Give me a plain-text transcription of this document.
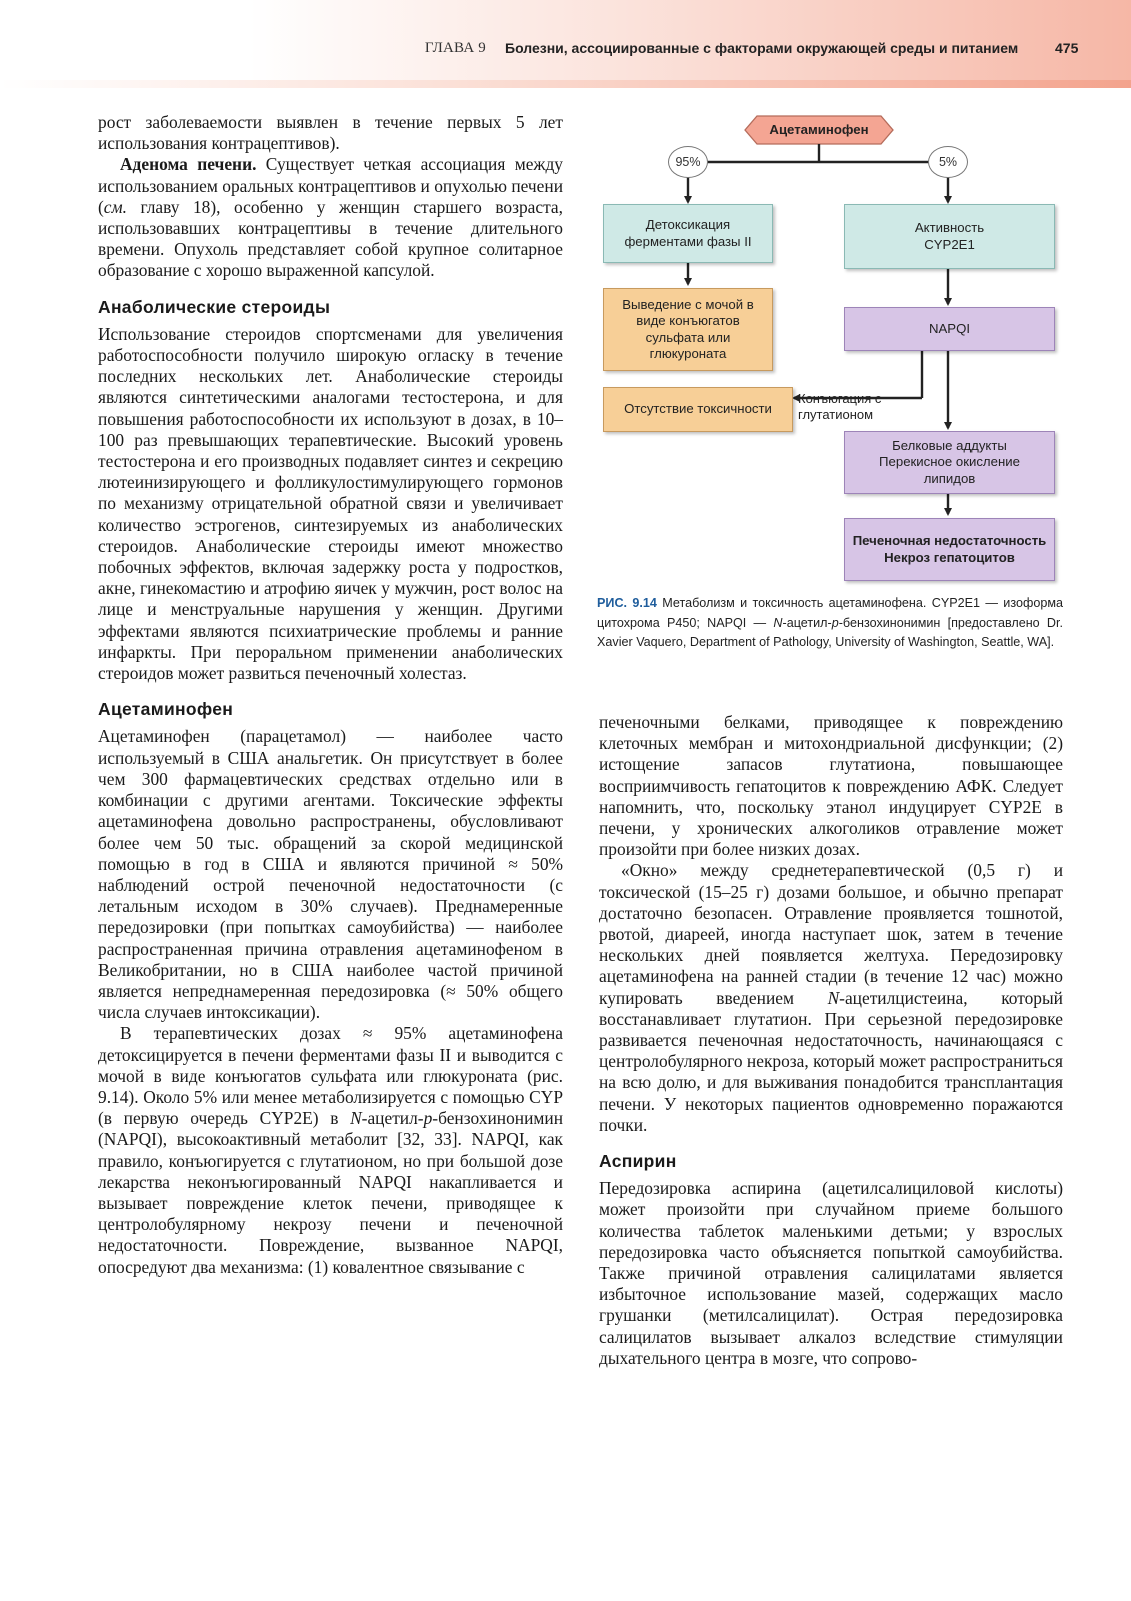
ГЛАВА 9 Болезни, ассоциированные с факторами окружающей среды и питанием	475

рост заболеваемости выявлен в течение первых 5 лет использования контрацептивов).

Аденома печени. Существует четкая ассоциация между использованием оральных контрацептивов и опухолью печени (см. главу 18), особенно у женщин старшего возраста, использовавших контрацептивы в течение длительного времени. Опухоль представляет собой крупное солитарное образование с хорошо выраженной капсулой.

Анаболические стероиды

Использование стероидов спортсменами для увеличения работоспособности получило широкую огласку в течение последних нескольких лет. Анаболические стероиды являются синтетическими аналогами тестостерона, и для повышения работоспособности их используют в дозах, в 10–100 раз превышающих терапевтические. Высокий уровень тестостерона и его производных подавляет синтез и секрецию лютеинизирующего и фолликулостимулирующего гормонов по механизму отрицательной обратной связи и увеличивает количество эстрогенов, синтезируемых из анаболических стероидов. Анаболические стероиды имеют множество побочных эффектов, включая задержку роста у подростков, акне, гинекомастию и атрофию яичек у мужчин, рост волос на лице и менструальные нарушения у женщин. Другими эффектами являются психиатрические проблемы и ранние инфаркты. При пероральном применении анаболических стероидов может развиться печеночный холестаз.

Ацетаминофен

Ацетаминофен (парацетамол) — наиболее часто используемый в США анальгетик. Он присутствует в более чем 300 фармацевтических средствах отдельно или в комбинации с другими агентами. Токсические эффекты ацетаминофена довольно распространены, обусловливают более чем 50 тыс. обращений за скорой медицинской помощью в год в США и являются причиной ≈ 50% наблюдений острой печеночной недостаточности (с летальным исходом в 30% случаев). Преднамеренные передозировки (при попытках самоубийства) — наиболее распространенная причина отравления ацетаминофеном в Великобритании, но в США наиболее частой причиной является непреднамеренная передозировка (≈ 50% общего числа случаев интоксикации).

В терапевтических дозах ≈ 95% ацетаминофена детоксицируется в печени ферментами фазы II и выводится с мочой в виде конъюгатов сульфата или глюкуроната (рис. 9.14). Около 5% или менее метаболизируется с помощью CYP (в первую очередь CYP2E) в N-ацетил-p-бензохинонимин (NAPQI), высокоактивный метаболит [32, 33]. NAPQI, как правило, конъюгируется с глутатионом, но при большой дозе лекарства неконъюгированный NAPQI накапливается и вызывает повреждение клеток печени, приводящее к центролобулярному некрозу печени и печеночной недостаточности. Повреждение, вызванное NAPQI, опосредуют два механизма: (1) ковалентное связывание с

Ацетаминофен
95%	5%
Детоксикация ферментами фазы II
Выведение с мочой в виде конъюгатов сульфата или глюкуроната
Отсутствие токсичности
Активность CYP2E1
NAPQI
Конъюгация с глутатионом
Белковые аддукты Перекисное окисление липидов
Печеночная недостаточность
Некроз гепатоцитов
РИС. 9.14 Метаболизм и токсичность ацетаминофена. CYP2E1 — изоформа цитохрома P450; NAPQI — N-ацетил-p-бензохинонимин [предоставлено Dr. Xavier Vaquero, Department of Pathology, University of Washington, Seattle, WA].

печеночными белками, приводящее к повреждению клеточных мембран и митохондриальной дисфункции; (2) истощение запасов глутатиона, повышающее восприимчивость гепатоцитов к повреждению АФК. Следует напомнить, что, поскольку этанол индуцирует CYP2E в печени, у хронических алкоголиков отравление может произойти при более низких дозах.

«Окно» между среднетерапевтической (0,5 г) и токсической (15–25 г) дозами большое, и обычно препарат достаточно безопасен. Отравление проявляется тошнотой, рвотой, диареей, иногда наступает шок, затем в течение нескольких дней появляется желтуха. Передозировку ацетаминофена на ранней стадии (в течение 12 час) можно купировать введением N-ацетилцистеина, который восстанавливает глутатион. При серьезной передозировке развивается печеночная недостаточность, начинающаяся с центролобулярного некроза, который может распространиться на всю долю, и для выживания понадобится трансплантация печени. У некоторых пациентов одновременно поражаются почки.

Аспирин

Передозировка аспирина (ацетилсалициловой кислоты) может произойти при случайном приеме большого количества таблеток маленькими детьми; у взрослых передозировка часто объясняется попыткой самоубийства. Также причиной отравления салицилатами является избыточное использование мазей, содержащих масло грушанки (метилсалицилат). Острая передозировка салицилатов вызывает алкалоз вследствие стимуляции дыхательного центра в мозге, что сопрово-
